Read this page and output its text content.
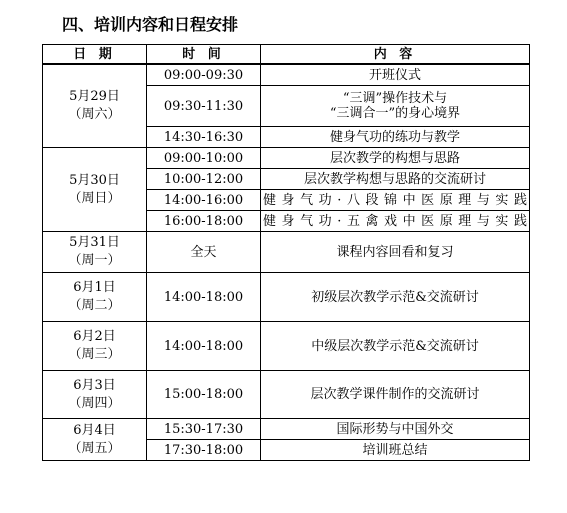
四、培训内容和日程安排
日 期	时 间	内 容

5月29日
（周六）	09:00-09:30	开班仪式

	09:30-11:30	“三调”操作技术与
“三调合一”的身心境界

	14:30-16:30	健身气功的练功与教学

5月30日
（周日）	09:00-10:00	层次教学的构想与思路

	10:00-12:00	层次教学构想与思路的交流研讨

	14:00-16:00	健身气功·八段锦中医原理与实践

	16:00-18:00	健身气功·五禽戏中医原理与实践

5月31日
（周一）	全天	课程内容回看和复习

6月1日
（周二）	14:00-18:00	初级层次教学示范&交流研讨

6月2日
（周三）	14:00-18:00	中级层次教学示范&交流研讨

6月3日
（周四）	15:00-18:00	层次教学课件制作的交流研讨

6月4日
（周五）	15:30-17:30	国际形势与中国外交

	17:30-18:00	培训班总结
